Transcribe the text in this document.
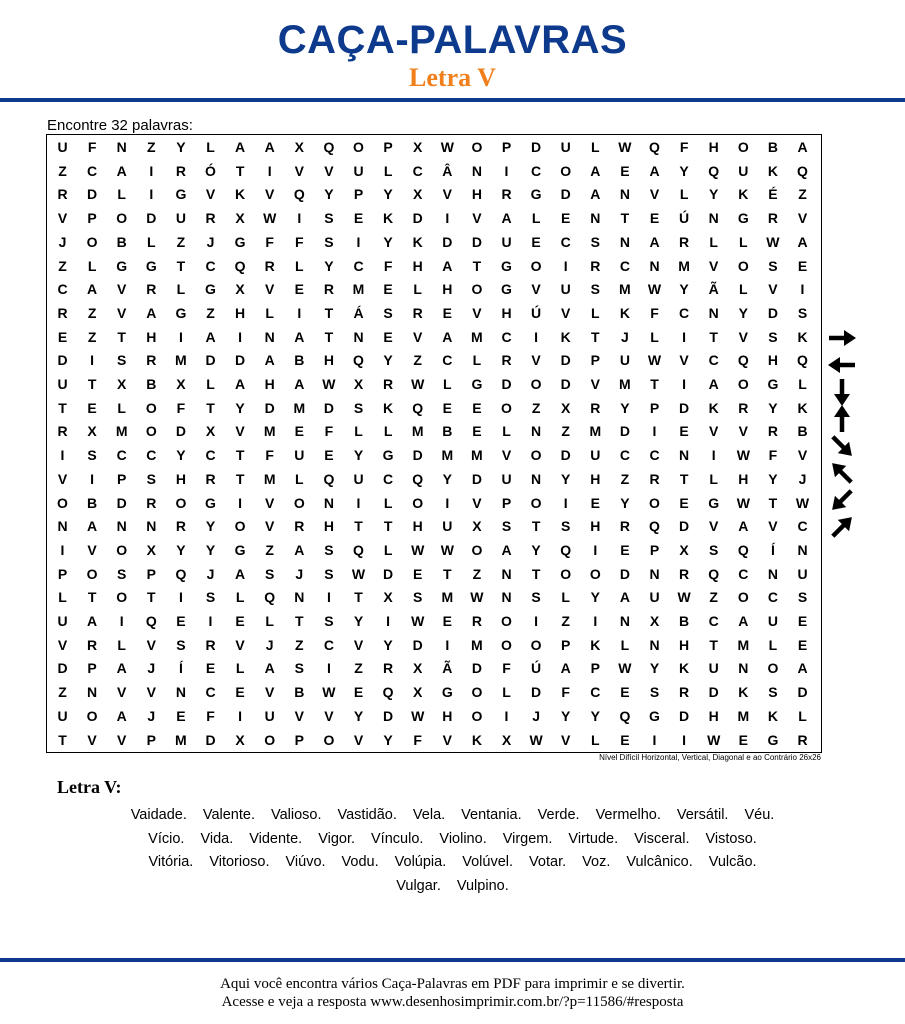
CAÇA-PALAVRAS
Letra V
Encontre 32 palavras:
U	F	N	Z	Y	L	A	A	X	Q	O	P	X	W	O	P	D	U	L	W	Q	F	H	O	B	A
Z	C	A	I	R	Ó	T	I	V	V	U	L	C	Â	N	I	C	O	A	E	A	Y	Q	U	K	Q
R	D	L	I	G	V	K	V	Q	Y	P	Y	X	V	H	R	G	D	A	N	V	L	Y	K	É	Z
V	P	O	D	U	R	X	W	I	S	E	K	D	I	V	A	L	E	N	T	E	Ú	N	G	R	V
J	O	B	L	Z	J	G	F	F	S	I	Y	K	D	D	U	E	C	S	N	A	R	L	L	W	A
Z	L	G	G	T	C	Q	R	L	Y	C	F	H	A	T	G	O	I	R	C	N	M	V	O	S	E
C	A	V	R	L	G	X	V	E	R	M	E	L	H	O	G	V	U	S	M	W	Y	Ã	L	V	I
R	Z	V	A	G	Z	H	L	I	T	Á	S	R	E	V	H	Ú	V	L	K	F	C	N	Y	D	S
E	Z	T	H	I	A	I	N	A	T	N	E	V	A	M	C	I	K	T	J	L	I	T	V	S	K
D	I	S	R	M	D	D	A	B	H	Q	Y	Z	C	L	R	V	D	P	U	W	V	C	Q	H	Q
U	T	X	B	X	L	A	H	A	W	X	R	W	L	G	D	O	D	V	M	T	I	A	O	G	L
T	E	L	O	F	T	Y	D	M	D	S	K	Q	E	E	O	Z	X	R	Y	P	D	K	R	Y	K
R	X	M	O	D	X	V	M	E	F	L	L	M	B	E	L	N	Z	M	D	I	E	V	V	R	B
I	S	C	C	Y	C	T	F	U	E	Y	G	D	M	M	V	O	D	U	C	C	N	I	W	F	V
V	I	P	S	H	R	T	M	L	Q	U	C	Q	Y	D	U	N	Y	H	Z	R	T	L	H	Y	J
O	B	D	R	O	G	I	V	O	N	I	L	O	I	V	P	O	I	E	Y	O	E	G	W	T	W
N	A	N	N	R	Y	O	V	R	H	T	T	H	U	X	S	T	S	H	R	Q	D	V	A	V	C
I	V	O	X	Y	Y	G	Z	A	S	Q	L	W	W	O	A	Y	Q	I	E	P	X	S	Q	Í	N
P	O	S	P	Q	J	A	S	J	S	W	D	E	T	Z	N	T	O	O	D	N	R	Q	C	N	U
L	T	O	T	I	S	L	Q	N	I	T	X	S	M	W	N	S	L	Y	A	U	W	Z	O	C	S
U	A	I	Q	E	I	E	L	T	S	Y	I	W	E	R	O	I	Z	I	N	X	B	C	A	U	E
V	R	L	V	S	R	V	J	Z	C	V	Y	D	I	M	O	O	P	K	L	N	H	T	M	L	E
D	P	A	J	Í	E	L	A	S	I	Z	R	X	Ã	D	F	Ú	A	P	W	Y	K	U	N	O	A
Z	N	V	V	N	C	E	V	B	W	E	Q	X	G	O	L	D	F	C	E	S	R	D	K	S	D
U	O	A	J	E	F	I	U	V	V	Y	D	W	H	O	I	J	Y	Y	Q	G	D	H	M	K	L
T	V	V	P	M	D	X	O	P	O	V	Y	F	V	K	X	W	V	L	E	I	I	W	E	G	R
Nível Difícil Horizontal, Vertical, Diagonal e ao Contrário 26x26
Letra V:
Vaidade. Valente. Valioso. Vastidão. Vela. Ventania. Verde. Vermelho. Versátil. Véu.
Vício. Vida. Vidente. Vigor. Vínculo. Violino. Virgem. Virtude. Visceral. Vistoso.
Vitória. Vitorioso. Viúvo. Vodu. Volúpia. Volúvel. Votar. Voz. Vulcânico. Vulcão.
Vulgar. Vulpino.
Aqui você encontra vários Caça-Palavras em PDF para imprimir e se divertir.
Acesse e veja a resposta www.desenhosimprimir.com.br/?p=11586/#resposta
